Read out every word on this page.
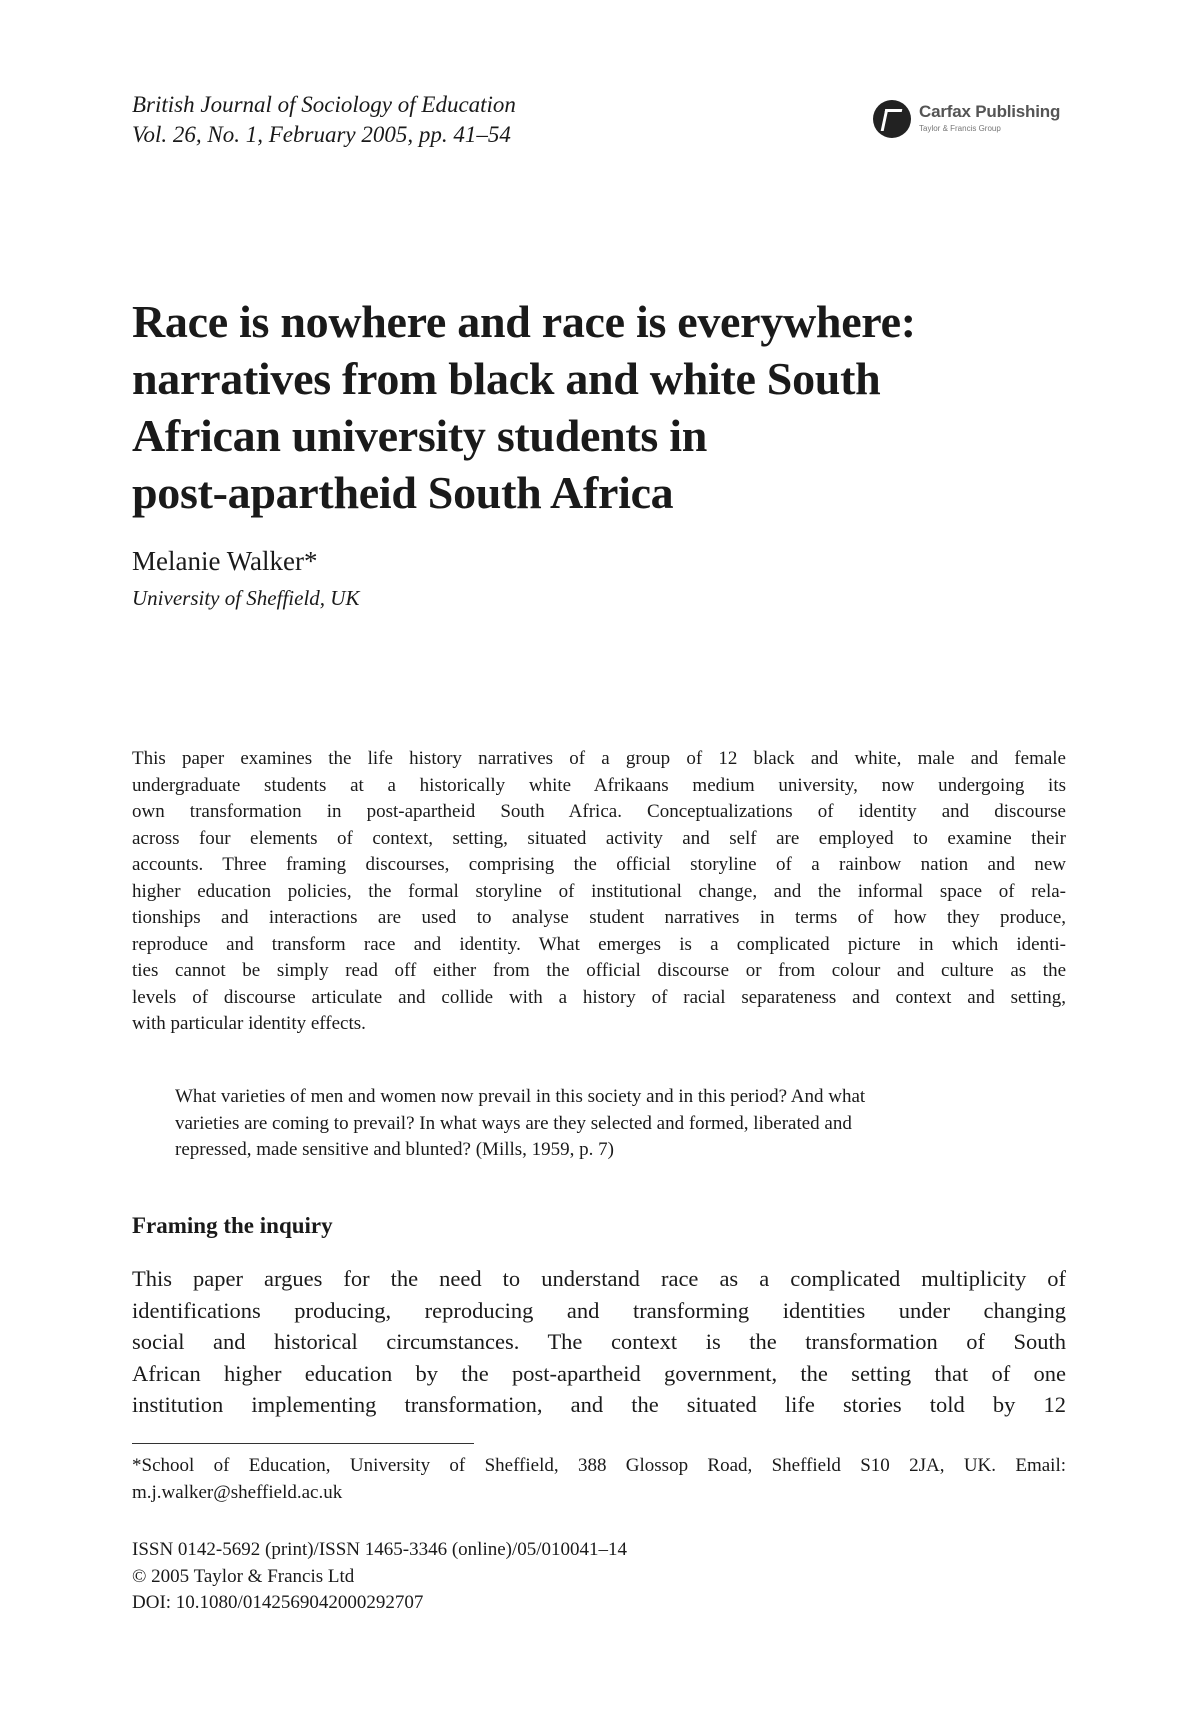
British Journal of Sociology of Education
Vol. 26, No. 1, February 2005, pp. 41–54
Carfax Publishing
Taylor & Francis Group
Race is nowhere and race is everywhere:
narratives from black and white South
African university students in
post-apartheid South Africa
Melanie Walker*
University of Sheffield, UK
This paper examines the life history narratives of a group of 12 black and white, male and female
undergraduate students at a historically white Afrikaans medium university, now undergoing its
own transformation in post-apartheid South Africa. Conceptualizations of identity and discourse
across four elements of context, setting, situated activity and self are employed to examine their
accounts. Three framing discourses, comprising the official storyline of a rainbow nation and new
higher education policies, the formal storyline of institutional change, and the informal space of rela-
tionships and interactions are used to analyse student narratives in terms of how they produce,
reproduce and transform race and identity. What emerges is a complicated picture in which identi-
ties cannot be simply read off either from the official discourse or from colour and culture as the
levels of discourse articulate and collide with a history of racial separateness and context and setting,
with particular identity effects.
What varieties of men and women now prevail in this society and in this period? And what
varieties are coming to prevail? In what ways are they selected and formed, liberated and
repressed, made sensitive and blunted? (Mills, 1959, p. 7)
Framing the inquiry
This paper argues for the need to understand race as a complicated multiplicity of
identifications producing, reproducing and transforming identities under changing
social and historical circumstances. The context is the transformation of South
African higher education by the post-apartheid government, the setting that of one
institution implementing transformation, and the situated life stories told by 12
*School of Education, University of Sheffield, 388 Glossop Road, Sheffield S10 2JA, UK. Email:
m.j.walker@sheffield.ac.uk
ISSN 0142-5692 (print)/ISSN 1465-3346 (online)/05/010041–14
© 2005 Taylor & Francis Ltd
DOI: 10.1080/0142569042000292707
